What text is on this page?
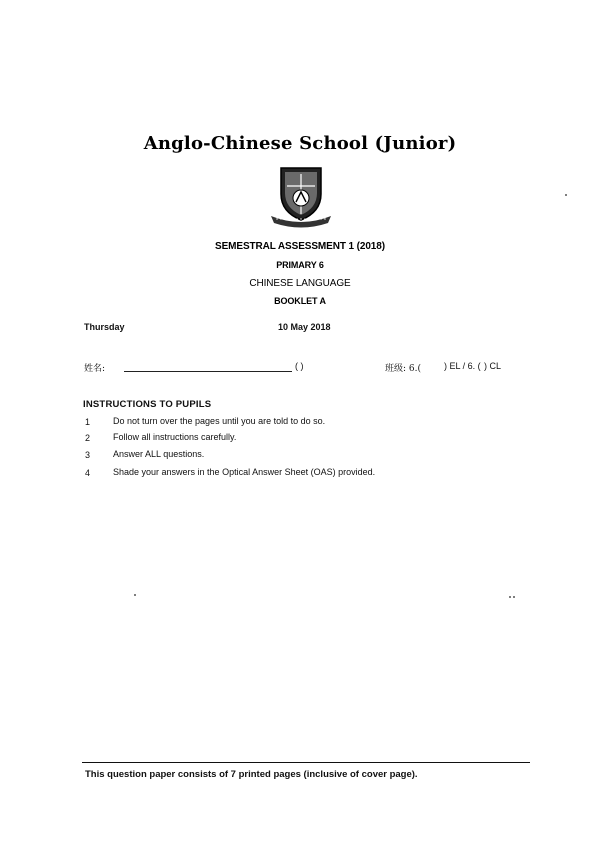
Anglo-Chinese School (Junior)
SEMESTRAL ASSESSMENT 1 (2018)
PRIMARY 6
CHINESE LANGUAGE
BOOKLET A
Thursday	10 May 2018
姓名:	( )	班级: 6.(	) EL / 6. ( ) CL
INSTRUCTIONS TO PUPILS
1	Do not turn over the pages until you are told to do so.
2	Follow all instructions carefully.
3	Answer ALL questions.
4	Shade your answers in the Optical Answer Sheet (OAS) provided.
This question paper consists of 7 printed pages (inclusive of cover page).
